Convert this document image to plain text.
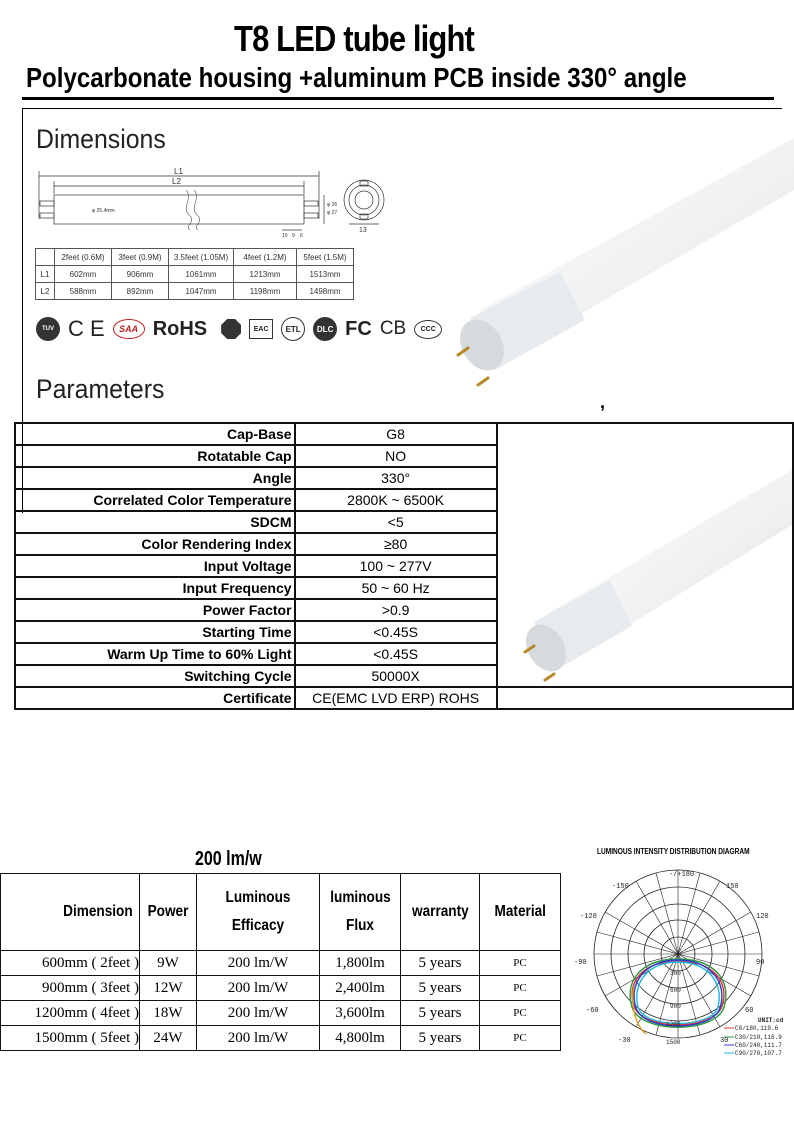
T8 LED tube light
Polycarbonate housing +aluminum PCB inside 330° angle
Dimensions
L1
L2
φ 25.4mm
φ 26
φ 27
13
10 9 6
	2feet (0.6M)	3feet (0.9M)	3.5feet (1.05M)	4feet (1.2M)	5feet (1.5M)
L1	602mm	906mm	1061mm	1213mm	1513mm
L2	588mm	892mm	1047mm	1198mm	1498mm
TUV C E	SAA RoHS	EAC	ETL	DLC FC CB	CCC
Parameters	,
Cap-Base	G8	
Rotatable Cap	NO	
Angle	330°	
Correlated Color Temperature	2800K ~ 6500K	
SDCM	<5	
Color Rendering Index	≥80	
Input Voltage	100 ~ 277V	
Input Frequency	50 ~ 60 Hz	
Power Factor	>0.9	
Starting Time	<0.45S	
Warm Up Time to 60% Light	<0.45S	
Switching Cycle	50000X	
Certificate	CE(EMC LVD ERP) ROHS	
200 lm/w
Dimension	Power	Luminous Efficacy	luminous Flux	warranty	Material
600mm ( 2feet )	9W	200 lm/W	1,800lm	5 years	PC
900mm ( 3feet )	12W	200 lm/W	2,400lm	5 years	PC
1200mm ( 4feet )	18W	200 lm/W	3,600lm	5 years	PC
1500mm ( 5feet )	24W	200 lm/W	4,800lm	5 years	PC
LUMINOUS INTENSITY DISTRIBUTION DIAGRAM
-/+180
-150	150
-120	120
-90	90
-60	60
-30	30
300
600
900
1200
1500
UNIT:cd
C0/180,119.6
C30/210,116.9
C60/240,111.7
C90/270,107.7
